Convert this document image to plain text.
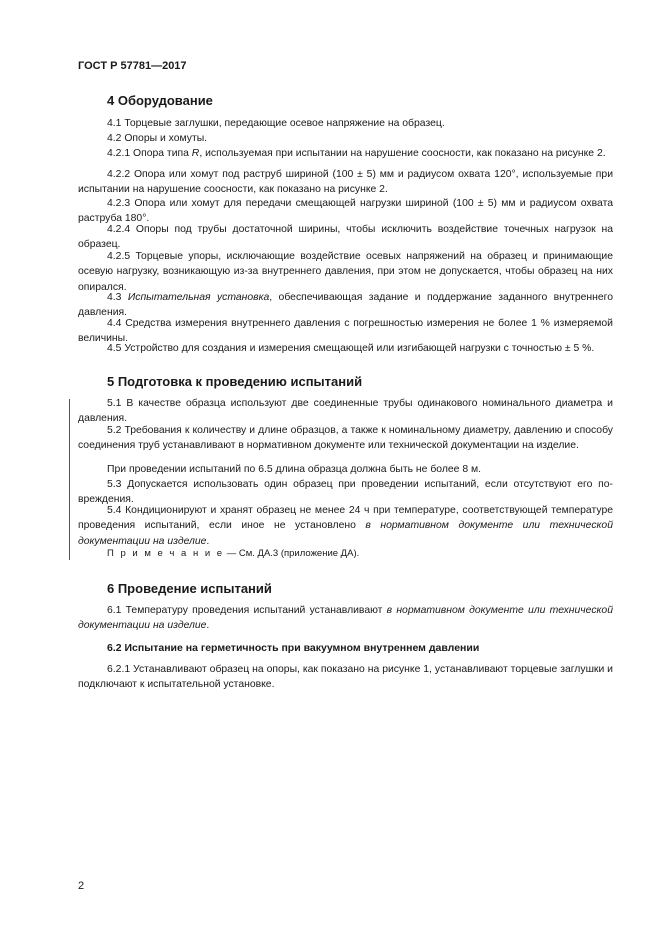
ГОСТ Р 57781—2017
4 Оборудование
4.1 Торцевые заглушки, передающие осевое напряжение на образец.
4.2 Опоры и хомуты.
4.2.1 Опора типа R, используемая при испытании на нарушение соосности, как показано на рисунке 2.
4.2.2 Опора или хомут под раструб шириной (100 ± 5) мм и радиусом охвата 120°, используемые при испытании на нарушение соосности, как показано на рисунке 2.
4.2.3 Опора или хомут для передачи смещающей нагрузки шириной (100 ± 5) мм и радиусом охвата раструба 180°.
4.2.4 Опоры под трубы достаточной ширины, чтобы исключить воздействие точечных нагрузок на образец.
4.2.5 Торцевые упоры, исключающие воздействие осевых напряжений на образец и принимающие осевую нагрузку, возникающую из-за внутреннего давления, при этом не допускается, чтобы образец на них опирался.
4.3 Испытательная установка, обеспечивающая задание и поддержание заданного внутреннего давления.
4.4 Средства измерения внутреннего давления с погрешностью измерения не более 1 % измеряемой величины.
4.5 Устройство для создания и измерения смещающей или изгибающей нагрузки с точностью ± 5 %.
5 Подготовка к проведению испытаний
5.1 В качестве образца используют две соединенные трубы одинакового номинального диаметра и давления.
5.2 Требования к количеству и длине образцов, а также к номинальному диаметру, давлению и способу соединения труб устанавливают в нормативном документе или технической документации на изделие.
При проведении испытаний по 6.5 длина образца должна быть не более 8 м.
5.3 Допускается использовать один образец при проведении испытаний, если отсутствуют его повреждения.
5.4 Кондиционируют и хранят образец не менее 24 ч при температуре, соответствующей температуре проведения испытаний, если иное не установлено в нормативном документе или технической документации на изделие.
П р и м е ч а н и е — См. ДА.3 (приложение ДА).
6 Проведение испытаний
6.1 Температуру проведения испытаний устанавливают в нормативном документе или технической документации на изделие.
6.2 Испытание на герметичность при вакуумном внутреннем давлении
6.2.1 Устанавливают образец на опоры, как показано на рисунке 1, устанавливают торцевые заглушки и подключают к испытательной установке.
2
